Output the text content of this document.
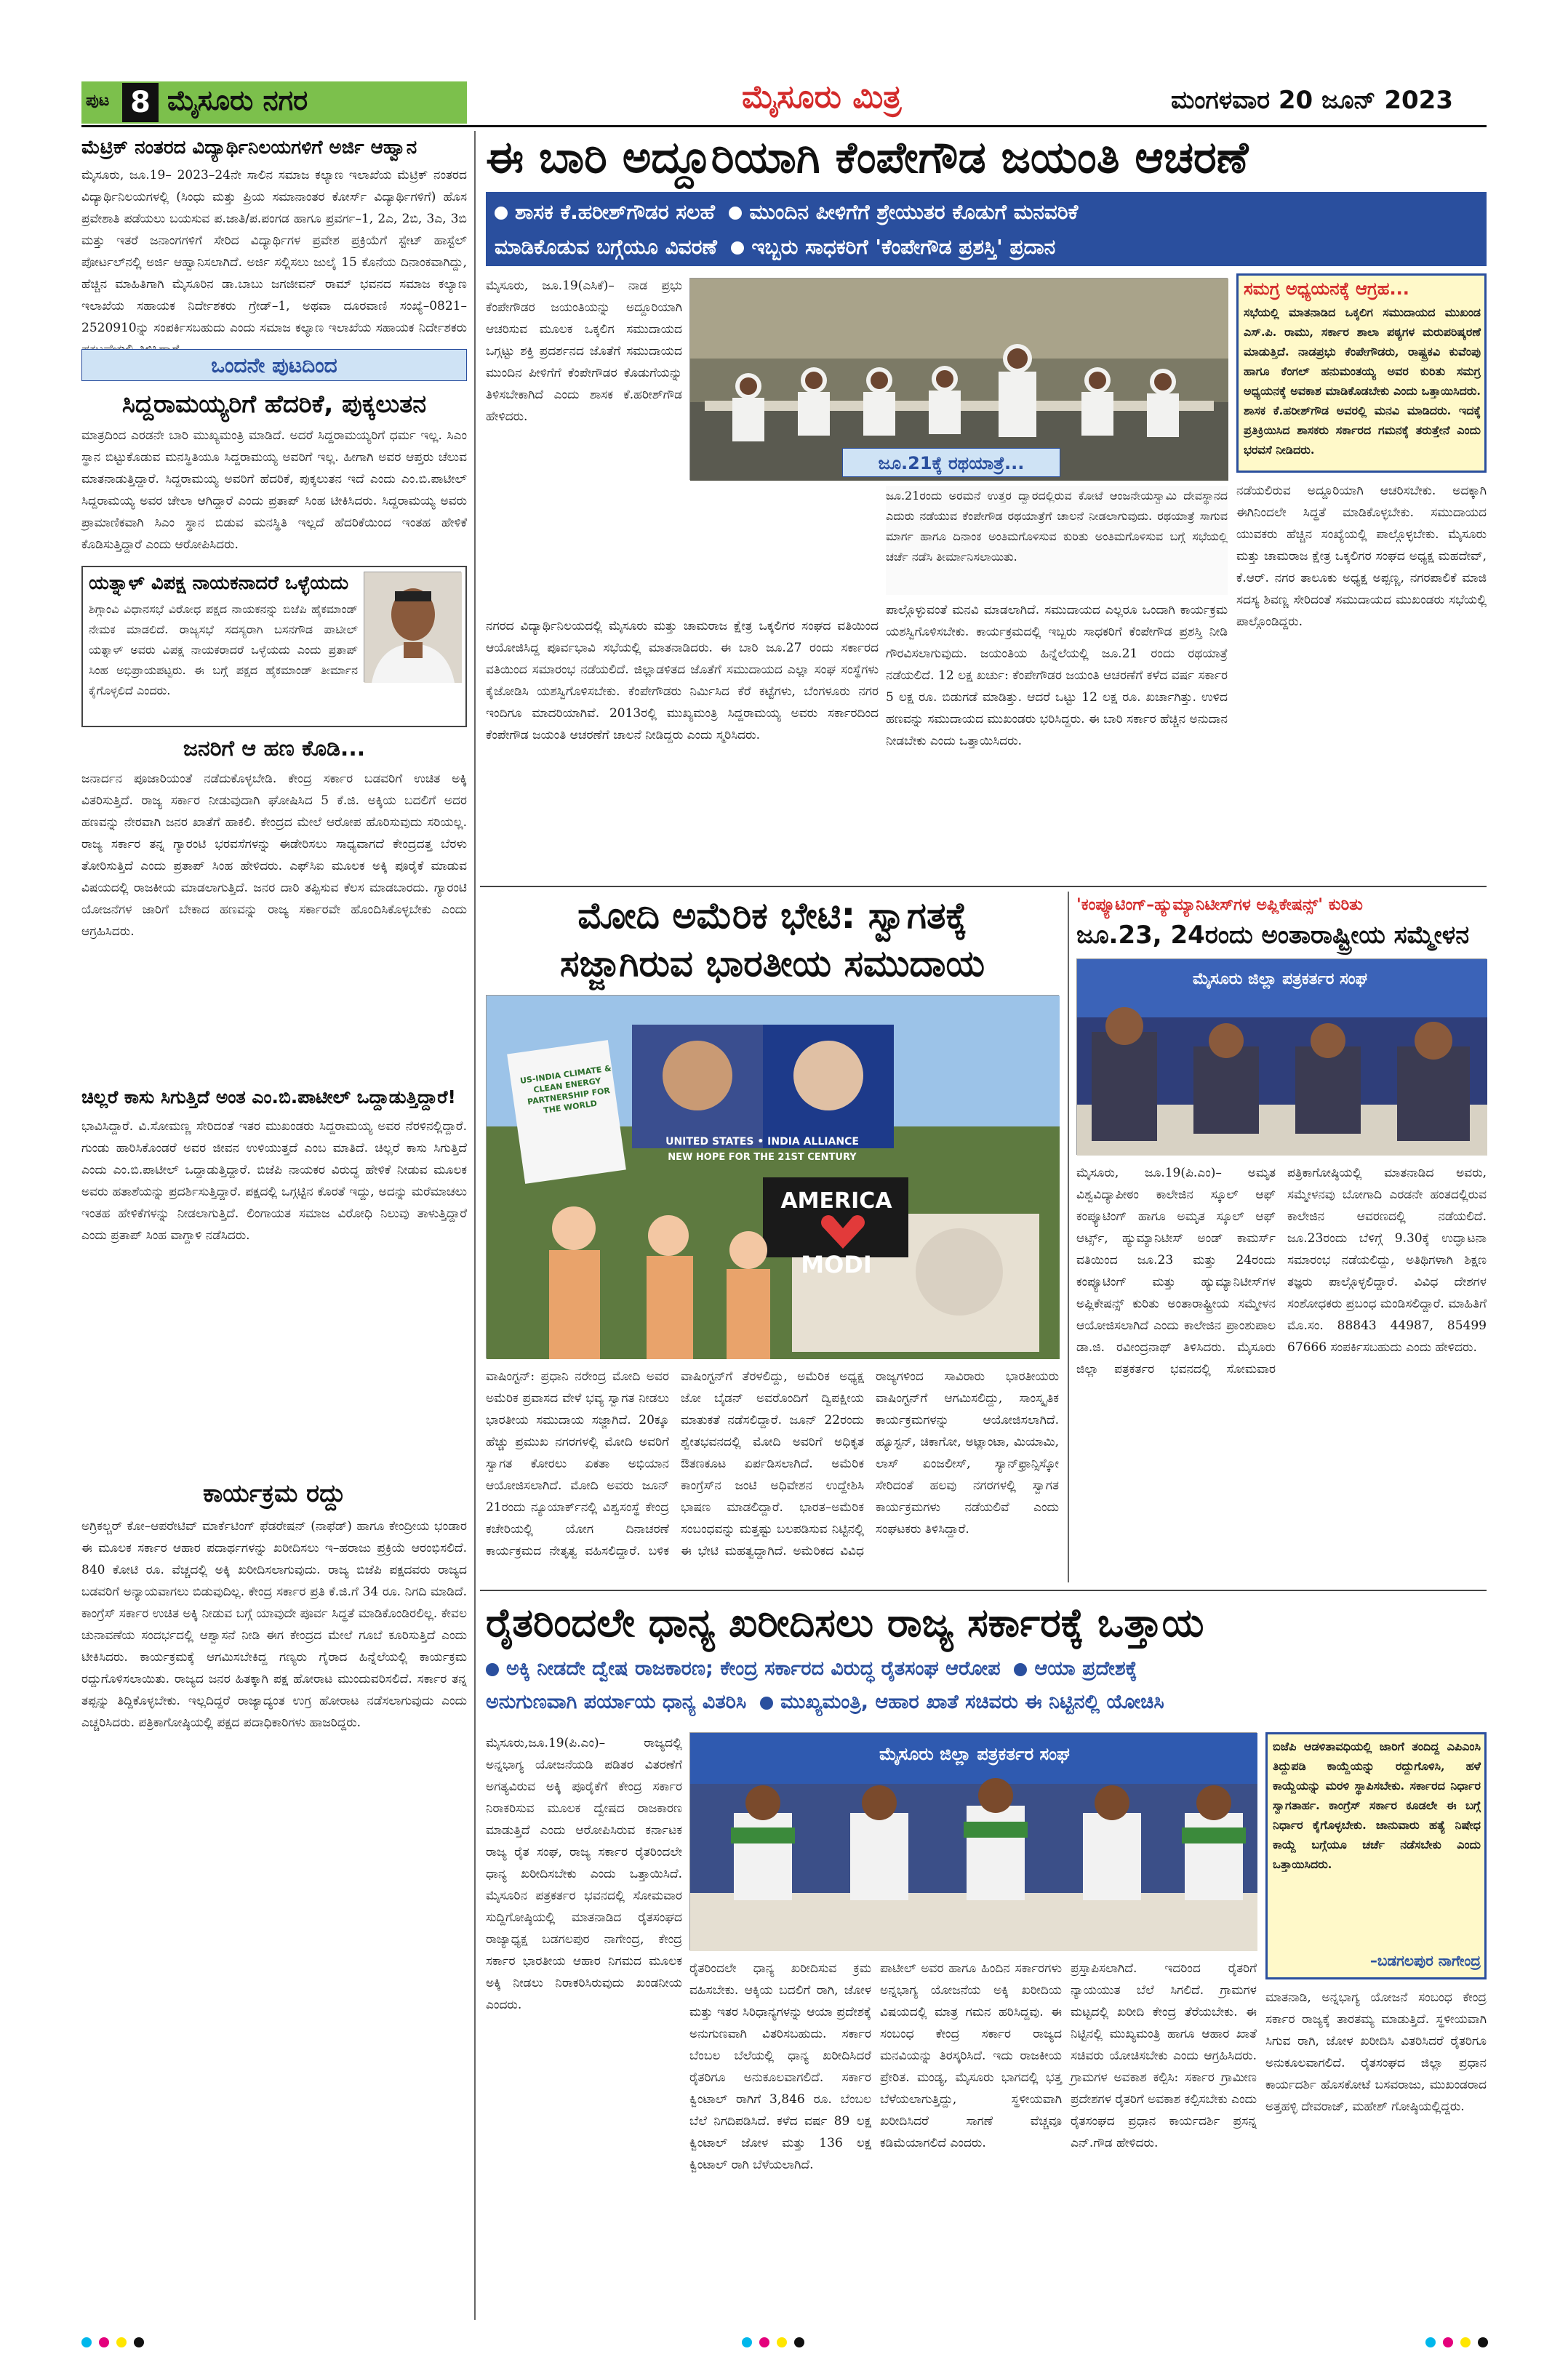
ಪುಟ 8 ಮೈಸೂರು ನಗರ	ಮೈಸೂರು ಮಿತ್ರ	ಮಂಗಳವಾರ 20 ಜೂನ್ 2023
ಮೆಟ್ರಿಕ್ ನಂತರದ ವಿದ್ಯಾರ್ಥಿನಿಲಯಗಳಿಗೆ ಅರ್ಜಿ ಆಹ್ವಾನ
ಮೈಸೂರು, ಜೂ.19– 2023–24ನೇ ಸಾಲಿನ ಸಮಾಜ ಕಲ್ಯಾಣ ಇಲಾಖೆಯ ಮೆಟ್ರಿಕ್ ನಂತರದ ವಿದ್ಯಾರ್ಥಿನಿಲಯಗಳಲ್ಲಿ (ಸಿಂಧು ಮತ್ತು ಪ್ರಿಯ ಸಮಾನಾಂತರ ಕೋರ್ಸ್ ವಿದ್ಯಾರ್ಥಿಗಳಿಗೆ) ಹೊಸ ಪ್ರವೇಶಾತಿ ಪಡೆಯಲು ಬಯಸುವ ಪ.ಜಾತಿ/ಪ.ಪಂಗಡ ಹಾಗೂ ಪ್ರವರ್ಗ–1, 2ಎ, 2ಬಿ, 3ಎ, 3ಬಿ ಮತ್ತು ಇತರೆ ಜನಾಂಗಗಳಿಗೆ ಸೇರಿದ ವಿದ್ಯಾರ್ಥಿಗಳ ಪ್ರವೇಶ ಪ್ರಕ್ರಿಯೆಗೆ ಸ್ಟೇಟ್ ಹಾಸ್ಟೆಲ್ ಪೋರ್ಟಲ್‌ನಲ್ಲಿ ಅರ್ಜಿ ಆಹ್ವಾನಿಸಲಾಗಿದೆ. ಅರ್ಜಿ ಸಲ್ಲಿಸಲು ಜುಲೈ 15 ಕೊನೆಯ ದಿನಾಂಕವಾಗಿದ್ದು, ಹೆಚ್ಚಿನ ಮಾಹಿತಿಗಾಗಿ ಮೈಸೂರಿನ ಡಾ.ಬಾಬು ಜಗಜೀವನ್ ರಾಮ್ ಭವನದ ಸಮಾಜ ಕಲ್ಯಾಣ ಇಲಾಖೆಯ ಸಹಾಯಕ ನಿರ್ದೇಶಕರು ಗ್ರೇಡ್–1, ಅಥವಾ ದೂರವಾಣಿ ಸಂಖ್ಯೆ–0821–2520910ನ್ನು ಸಂಪರ್ಕಿಸಬಹುದು ಎಂದು ಸಮಾಜ ಕಲ್ಯಾಣ ಇಲಾಖೆಯ ಸಹಾಯಕ ನಿರ್ದೇಶಕರು
ಒಂದನೇ ಪುಟದಿಂದ
ಸಿದ್ದರಾಮಯ್ಯರಿಗೆ ಹೆದರಿಕೆ, ಪುಕ್ಕಲುತನ
ಮಾತ್ರದಿಂದ ಎರಡನೇ ಬಾರಿ ಮುಖ್ಯಮಂತ್ರಿ ಮಾಡಿದೆ. ಅದರೆ ಸಿದ್ದರಾಮಯ್ಯರಿಗೆ ಧರ್ಮ ಇಲ್ಲ. ಸಿಎಂ ಸ್ಥಾನ ಬಿಟ್ಟುಕೊಡುವ ಮನಸ್ಥಿತಿಯೂ ಸಿದ್ದರಾಮಯ್ಯ ಅವರಿಗೆ ಇಲ್ಲ. ಹೀಗಾಗಿ ಅವರ ಆಪ್ತರು ಚೆಲುವ ಮಾತನಾಡುತ್ತಿದ್ದಾರೆ. ಸಿದ್ದರಾಮಯ್ಯ ಅವರಿಗೆ ಹೆದರಿಕೆ, ಪುಕ್ಕಲುತನ ಇದೆ ಎಂದು ಎಂ.ಬಿ.ಪಾಟೀಲ್ ಸಿದ್ದರಾಮಯ್ಯ ಅವರ ಚೇಲಾ ಆಗಿದ್ದಾರೆ ಎಂದು ಪ್ರತಾಪ್ ಸಿಂಹ ಟೀಕಿಸಿದರು. ಸಿದ್ದರಾಮಯ್ಯ ಅವರು ಪ್ರಾಮಾಣಿಕವಾಗಿ ಸಿಎಂ ಸ್ಥಾನ ಬಿಡುವ ಮನಸ್ಥಿತಿ ಇಲ್ಲದೆ ಹೆದರಿಕೆಯಿಂದ ಇಂತಹ ಹೇಳಿಕೆ ಕೊಡಿಸುತ್ತಿದ್ದಾರೆ ಎಂದು ಆರೋಪಿಸಿದರು.
ಯತ್ನಾಳ್ ವಿಪಕ್ಷ ನಾಯಕನಾದರೆ ಒಳ್ಳೆಯದು
ಶಿಗ್ಗಾಂವಿ ವಿಧಾನಸಭೆ ವಿರೋಧ ಪಕ್ಷದ ನಾಯಕನನ್ನು ಬಿಜೆಪಿ ಹೈಕಮಾಂಡ್ ನೇಮಕ ಮಾಡಲಿದೆ. ರಾಜ್ಯಸಭೆ ಸದಸ್ಯರಾಗಿ ಬಸನಗೌಡ ಪಾಟೀಲ್ ಯತ್ನಾಳ್ ಅವರು ವಿಪಕ್ಷ ನಾಯಕರಾದರೆ ಒಳ್ಳೆಯದು ಎಂದು ಪ್ರತಾಪ್ ಸಿಂಹ ಅಭಿಪ್ರಾಯಪಟ್ಟರು. ಈ ಬಗ್ಗೆ ಪಕ್ಷದ ಹೈಕಮಾಂಡ್ ತೀರ್ಮಾನ ಕೈಗೊಳ್ಳಲಿದೆ ಎಂದರು.
ಜನರಿಗೆ ಆ ಹಣ ಕೊಡಿ...
ಜನಾರ್ದನ ಪೂಜಾರಿಯಂತೆ ನಡೆದುಕೊಳ್ಳಬೇಡಿ. ಕೇಂದ್ರ ಸರ್ಕಾರ ಬಡವರಿಗೆ ಉಚಿತ ಅಕ್ಕಿ ವಿತರಿಸುತ್ತಿದೆ. ರಾಜ್ಯ ಸರ್ಕಾರ ನೀಡುವುದಾಗಿ ಘೋಷಿಸಿದ 5 ಕೆ.ಜಿ. ಅಕ್ಕಿಯ ಬದಲಿಗೆ ಅದರ ಹಣವನ್ನು ನೇರವಾಗಿ ಜನರ ಖಾತೆಗೆ ಹಾಕಲಿ. ಕೇಂದ್ರದ ಮೇಲೆ ಆರೋಪ ಹೊರಿಸುವುದು ಸರಿಯಲ್ಲ. ರಾಜ್ಯ ಸರ್ಕಾರ ತನ್ನ ಗ್ಯಾರಂಟಿ ಭರವಸೆಗಳನ್ನು ಈಡೇರಿಸಲು ಸಾಧ್ಯವಾಗದೆ ಕೇಂದ್ರದತ್ತ ಬೆರಳು ತೋರಿಸುತ್ತಿದೆ ಎಂದು ಪ್ರತಾಪ್ ಸಿಂಹ ಹೇಳಿದರು. ಎಫ್‌ಸಿಐ ಮೂಲಕ ಅಕ್ಕಿ ಪೂರೈಕೆ ಮಾಡುವ ವಿಷಯದಲ್ಲಿ ರಾಜಕೀಯ ಮಾಡಲಾಗುತ್ತಿದೆ. ಜನರ ದಾರಿ ತಪ್ಪಿಸುವ ಕೆಲಸ ಮಾಡಬಾರದು. ಗ್ಯಾರಂಟಿ ಯೋಜನೆಗಳ ಜಾರಿಗೆ ಬೇಕಾದ ಹಣವನ್ನು ರಾಜ್ಯ ಸರ್ಕಾರವೇ ಹೊಂದಿಸಿಕೊಳ್ಳಬೇಕು ಎಂದು ಆಗ್ರಹಿಸಿದರು.
ಚಿಲ್ಲರೆ ಕಾಸು ಸಿಗುತ್ತಿದೆ ಅಂತ ಎಂ.ಬಿ.ಪಾಟೀಲ್ ಒದ್ದಾಡುತ್ತಿದ್ದಾರೆ!
ಭಾವಿಸಿದ್ದಾರೆ. ವಿ.ಸೋಮಣ್ಣ ಸೇರಿದಂತೆ ಇತರ ಮುಖಂಡರು ಸಿದ್ದರಾಮಯ್ಯ ಅವರ ನೆರಳಿನಲ್ಲಿದ್ದಾರೆ. ಗುಂಡು ಹಾರಿಸಿಕೊಂಡರೆ ಅವರ ಜೀವನ ಉಳಿಯುತ್ತದೆ ಎಂಬ ಮಾತಿದೆ. ಚಿಲ್ಲರೆ ಕಾಸು ಸಿಗುತ್ತಿದೆ ಎಂದು ಎಂ.ಬಿ.ಪಾಟೀಲ್ ಒದ್ದಾಡುತ್ತಿದ್ದಾರೆ. ಬಿಜೆಪಿ ನಾಯಕರ ವಿರುದ್ಧ ಹೇಳಿಕೆ ನೀಡುವ ಮೂಲಕ ಅವರು ಹತಾಶೆಯನ್ನು ಪ್ರದರ್ಶಿಸುತ್ತಿದ್ದಾರೆ. ಪಕ್ಷದಲ್ಲಿ ಒಗ್ಗಟ್ಟಿನ ಕೊರತೆ ಇದ್ದು, ಅದನ್ನು ಮರೆಮಾಚಲು ಇಂತಹ ಹೇಳಿಕೆಗಳನ್ನು ನೀಡಲಾಗುತ್ತಿದೆ. ಲಿಂಗಾಯತ ಸಮಾಜ ವಿರೋಧಿ ನಿಲುವು ತಾಳುತ್ತಿದ್ದಾರೆ ಎಂದು ಪ್ರತಾಪ್ ಸಿಂಹ ವಾಗ್ದಾಳಿ ನಡೆಸಿದರು.
ಕಾರ್ಯಕ್ರಮ ರದ್ದು
ಅಗ್ರಿಕಲ್ಚರ್ ಕೋ–ಆಪರೇಟಿವ್ ಮಾರ್ಕೆಟಿಂಗ್ ಫೆಡರೇಷನ್ (ನಾಫೆಡ್) ಹಾಗೂ ಕೇಂದ್ರೀಯ ಭಂಡಾರ ಈ ಮೂಲಕ ಸರ್ಕಾರ ಆಹಾರ ಪದಾರ್ಥಗಳನ್ನು ಖರೀದಿಸಲು ಇ–ಹರಾಜು ಪ್ರಕ್ರಿಯೆ ಆರಂಭಿಸಲಿದೆ. 840 ಕೋಟಿ ರೂ. ವೆಚ್ಚದಲ್ಲಿ ಅಕ್ಕಿ ಖರೀದಿಸಲಾಗುವುದು. ರಾಜ್ಯ ಬಿಜೆಪಿ ಪಕ್ಷದವರು ರಾಜ್ಯದ ಬಡವರಿಗೆ ಅನ್ಯಾಯವಾಗಲು ಬಿಡುವುದಿಲ್ಲ. ಕೇಂದ್ರ ಸರ್ಕಾರ ಪ್ರತಿ ಕೆ.ಜಿ.ಗೆ 34 ರೂ. ನಿಗದಿ ಮಾಡಿದೆ. ಕಾಂಗ್ರೆಸ್ ಸರ್ಕಾರ ಉಚಿತ ಅಕ್ಕಿ ನೀಡುವ ಬಗ್ಗೆ ಯಾವುದೇ ಪೂರ್ವ ಸಿದ್ಧತೆ ಮಾಡಿಕೊಂಡಿರಲಿಲ್ಲ. ಕೇವಲ ಚುನಾವಣೆಯ ಸಂದರ್ಭದಲ್ಲಿ ಆಶ್ವಾಸನೆ ನೀಡಿ ಈಗ ಕೇಂದ್ರದ ಮೇಲೆ ಗೂಬೆ ಕೂರಿಸುತ್ತಿದೆ ಎಂದು ಟೀಕಿಸಿದರು. ಕಾರ್ಯಕ್ರಮಕ್ಕೆ ಆಗಮಿಸಬೇಕಿದ್ದ ಗಣ್ಯರು ಗೈರಾದ ಹಿನ್ನೆಲೆಯಲ್ಲಿ ಕಾರ್ಯಕ್ರಮ ರದ್ದುಗೊಳಿಸಲಾಯಿತು. ರಾಜ್ಯದ ಜನರ ಹಿತಕ್ಕಾಗಿ ಪಕ್ಷ ಹೋರಾಟ ಮುಂದುವರಿಸಲಿದೆ. ಸರ್ಕಾರ ತನ್ನ ತಪ್ಪನ್ನು ತಿದ್ದಿಕೊಳ್ಳಬೇಕು. ಇಲ್ಲದಿದ್ದರೆ ರಾಜ್ಯಾದ್ಯಂತ ಉಗ್ರ ಹೋರಾಟ ನಡೆಸಲಾಗುವುದು ಎಂದು ಎಚ್ಚರಿಸಿದರು. ಪತ್ರಿಕಾಗೋಷ್ಠಿಯಲ್ಲಿ ಪಕ್ಷದ ಪದಾಧಿಕಾರಿಗಳು ಹಾಜರಿದ್ದರು.
ಈ ಬಾರಿ ಅದ್ದೂರಿಯಾಗಿ ಕೆಂಪೇಗೌಡ ಜಯಂತಿ ಆಚರಣೆ
ಶಾಸಕ ಕೆ.ಹರೀಶ್‌ಗೌಡರ ಸಲಹೆ ಮುಂದಿನ ಪೀಳಿಗೆಗೆ ಶ್ರೇಯುತರ ಕೊಡುಗೆ ಮನವರಿಕೆ
ಮಾಡಿಕೊಡುವ ಬಗ್ಗೆಯೂ ವಿವರಣೆ ಇಬ್ಬರು ಸಾಧಕರಿಗೆ 'ಕೆಂಪೇಗೌಡ ಪ್ರಶಸ್ತಿ' ಪ್ರದಾನ
ಮೈಸೂರು, ಜೂ.19(ಎಸಿಕೆ)– ನಾಡ ಪ್ರಭು ಕೆಂಪೇಗೌಡರ ಜಯಂತಿಯನ್ನು ಅದ್ದೂರಿಯಾಗಿ ಆಚರಿಸುವ ಮೂಲಕ ಒಕ್ಕಲಿಗ ಸಮುದಾಯದ ಒಗ್ಗಟ್ಟು ಶಕ್ತಿ ಪ್ರದರ್ಶನದ ಜೊತೆಗೆ ಸಮುದಾಯದ ಮುಂದಿನ ಪೀಳಿಗೆಗೆ ಕೆಂಪೇಗೌಡರ ಕೊಡುಗೆಯನ್ನು ತಿಳಿಸಬೇಕಾಗಿದೆ ಎಂದು ಶಾಸಕ ಕೆ.ಹರೀಶ್‌ಗೌಡ ಹೇಳಿದರು.
ಜೂ.21ಕ್ಕೆ ರಥಯಾತ್ರೆ...
ನಗರದ ವಿದ್ಯಾರ್ಥಿನಿಲಯದಲ್ಲಿ ಮೈಸೂರು ಮತ್ತು ಚಾಮರಾಜ ಕ್ಷೇತ್ರ ಒಕ್ಕಲಿಗರ ಸಂಘದ ವತಿಯಿಂದ ಆಯೋಜಿಸಿದ್ದ ಪೂರ್ವಭಾವಿ ಸಭೆಯಲ್ಲಿ ಮಾತನಾಡಿದರು. ಈ ಬಾರಿ ಜೂ.27 ರಂದು ಸರ್ಕಾರದ ವತಿಯಿಂದ ಸಮಾರಂಭ ನಡೆಯಲಿದೆ. ಜಿಲ್ಲಾಡಳಿತದ ಜೊತೆಗೆ ಸಮುದಾಯದ ಎಲ್ಲಾ ಸಂಘ ಸಂಸ್ಥೆಗಳು ಕೈಜೋಡಿಸಿ ಯಶಸ್ವಿಗೊಳಿಸಬೇಕು. ಕೆಂಪೇಗೌಡರು ನಿರ್ಮಿಸಿದ ಕೆರೆ ಕಟ್ಟೆಗಳು, ಬೆಂಗಳೂರು ನಗರ ಇಂದಿಗೂ ಮಾದರಿಯಾಗಿವೆ. 2013ರಲ್ಲಿ ಮುಖ್ಯಮಂತ್ರಿ ಸಿದ್ದರಾಮಯ್ಯ ಅವರು ಸರ್ಕಾರದಿಂದ ಕೆಂಪೇಗೌಡ ಜಯಂತಿ ಆಚರಣೆಗೆ ಚಾಲನೆ ನೀಡಿದ್ದರು ಎಂದು ಸ್ಮರಿಸಿದರು.
ಜೂ.21ರಂದು ಅರಮನೆ ಉತ್ತರ ದ್ವಾರದಲ್ಲಿರುವ ಕೋಟೆ ಆಂಜನೇಯಸ್ವಾಮಿ ದೇವಸ್ಥಾನದ ಎದುರು ನಡೆಯುವ ಕೆಂಪೇಗೌಡ ರಥಯಾತ್ರೆಗೆ ಚಾಲನೆ ನೀಡಲಾಗುವುದು. ರಥಯಾತ್ರೆ ಸಾಗುವ ಮಾರ್ಗ ಹಾಗೂ ದಿನಾಂಕ ಅಂತಿಮಗೊಳಿಸುವ ಕುರಿತು ಅಂತಿಮಗೊಳಿಸುವ ಬಗ್ಗೆ ಸಭೆಯಲ್ಲಿ ಚರ್ಚೆ ನಡೆಸಿ ತೀರ್ಮಾನಿಸಲಾಯಿತು.
ಪಾಲ್ಗೊಳ್ಳುವಂತೆ ಮನವಿ ಮಾಡಲಾಗಿದೆ. ಸಮುದಾಯದ ಎಲ್ಲರೂ ಒಂದಾಗಿ ಕಾರ್ಯಕ್ರಮ ಯಶಸ್ವಿಗೊಳಿಸಬೇಕು. ಕಾರ್ಯಕ್ರಮದಲ್ಲಿ ಇಬ್ಬರು ಸಾಧಕರಿಗೆ ಕೆಂಪೇಗೌಡ ಪ್ರಶಸ್ತಿ ನೀಡಿ ಗೌರವಿಸಲಾಗುವುದು. ಜಯಂತಿಯ ಹಿನ್ನೆಲೆಯಲ್ಲಿ ಜೂ.21 ರಂದು ರಥಯಾತ್ರೆ ನಡೆಯಲಿದೆ. 12 ಲಕ್ಷ ಖರ್ಚು: ಕೆಂಪೇಗೌಡರ ಜಯಂತಿ ಆಚರಣೆಗೆ ಕಳೆದ ವರ್ಷ ಸರ್ಕಾರ 5 ಲಕ್ಷ ರೂ. ಬಿಡುಗಡೆ ಮಾಡಿತ್ತು. ಆದರೆ ಒಟ್ಟು 12 ಲಕ್ಷ ರೂ. ಖರ್ಚಾಗಿತ್ತು. ಉಳಿದ ಹಣವನ್ನು ಸಮುದಾಯದ ಮುಖಂಡರು ಭರಿಸಿದ್ದರು. ಈ ಬಾರಿ ಸರ್ಕಾರ ಹೆಚ್ಚಿನ ಅನುದಾನ ನೀಡಬೇಕು ಎಂದು ಒತ್ತಾಯಿಸಿದರು.
ಸಮಗ್ರ ಅಧ್ಯಯನಕ್ಕೆ ಆಗ್ರಹ...
ಸಭೆಯಲ್ಲಿ ಮಾತನಾಡಿದ ಒಕ್ಕಲಿಗ ಸಮುದಾಯದ ಮುಖಂಡ ಎಸ್‌.ಪಿ. ರಾಮು, ಸರ್ಕಾರ ಶಾಲಾ ಪಠ್ಯಗಳ ಮರುಪರಿಷ್ಕರಣೆ ಮಾಡುತ್ತಿದೆ. ನಾಡಪ್ರಭು ಕೆಂಪೇಗೌಡರು, ರಾಷ್ಟ್ರಕವಿ ಕುವೆಂಪು ಹಾಗೂ ಕೆಂಗಲ್ ಹನುಮಂತಯ್ಯ ಅವರ ಕುರಿತು ಸಮಗ್ರ ಅಧ್ಯಯನಕ್ಕೆ ಅವಕಾಶ ಮಾಡಿಕೊಡಬೇಕು ಎಂದು ಒತ್ತಾಯಿಸಿದರು. ಶಾಸಕ ಕೆ.ಹರೀಶ್‌ಗೌಡ ಅವರಲ್ಲಿ ಮನವಿ ಮಾಡಿದರು. ಇದಕ್ಕೆ ಪ್ರತಿಕ್ರಿಯಿಸಿದ ಶಾಸಕರು ಸರ್ಕಾರದ ಗಮನಕ್ಕೆ ತರುತ್ತೇನೆ ಎಂದು ಭರವಸೆ ನೀಡಿದರು.
ನಡೆಯಲಿರುವ ಅದ್ದೂರಿಯಾಗಿ ಆಚರಿಸಬೇಕು. ಅದಕ್ಕಾಗಿ ಈಗಿನಿಂದಲೇ ಸಿದ್ಧತೆ ಮಾಡಿಕೊಳ್ಳಬೇಕು. ಸಮುದಾಯದ ಯುವಕರು ಹೆಚ್ಚಿನ ಸಂಖ್ಯೆಯಲ್ಲಿ ಪಾಲ್ಗೊಳ್ಳಬೇಕು. ಮೈಸೂರು ಮತ್ತು ಚಾಮರಾಜ ಕ್ಷೇತ್ರ ಒಕ್ಕಲಿಗರ ಸಂಘದ ಅಧ್ಯಕ್ಷ ಮಹದೇವ್, ಕೆ.ಆರ್. ನಗರ ತಾಲೂಕು ಅಧ್ಯಕ್ಷ ಅಪ್ಪಣ್ಣ, ನಗರಪಾಲಿಕೆ ಮಾಜಿ ಸದಸ್ಯ ಶಿವಣ್ಣ ಸೇರಿದಂತೆ ಸಮುದಾಯದ ಮುಖಂಡರು ಸಭೆಯಲ್ಲಿ ಪಾಲ್ಗೊಂಡಿದ್ದರು.
ಮೋದಿ ಅಮೆರಿಕ ಭೇಟಿ: ಸ್ವಾಗತಕ್ಕೆ
ಸಜ್ಜಾಗಿರುವ ಭಾರತೀಯ ಸಮುದಾಯ
UNITED STATES • INDIA ALLIANCE
NEW HOPE FOR THE 21ST CENTURY
US-INDIA CLIMATE & CLEAN ENERGY PARTNERSHIP FOR THE WORLD
AMERICA
MODI
ವಾಷಿಂಗ್ಟನ್: ಪ್ರಧಾನಿ ನರೇಂದ್ರ ಮೋದಿ ಅವರ ಅಮೆರಿಕ ಪ್ರವಾಸದ ವೇಳೆ ಭವ್ಯ ಸ್ವಾಗತ ನೀಡಲು ಭಾರತೀಯ ಸಮುದಾಯ ಸಜ್ಜಾಗಿದೆ. 20ಕ್ಕೂ ಹೆಚ್ಚು ಪ್ರಮುಖ ನಗರಗಳಲ್ಲಿ ಮೋದಿ ಅವರಿಗೆ ಸ್ವಾಗತ ಕೋರಲು ಏಕತಾ ಅಭಿಯಾನ ಆಯೋಜಿಸಲಾಗಿದೆ. ಮೋದಿ ಅವರು ಜೂನ್ 21ರಂದು ನ್ಯೂಯಾರ್ಕ್‌ನಲ್ಲಿ ವಿಶ್ವಸಂಸ್ಥೆ ಕೇಂದ್ರ ಕಚೇರಿಯಲ್ಲಿ ಯೋಗ ದಿನಾಚರಣೆ ಕಾರ್ಯಕ್ರಮದ ನೇತೃತ್ವ ವಹಿಸಲಿದ್ದಾರೆ. ಬಳಿಕ ವಾಷಿಂಗ್ಟನ್‌ಗೆ ತೆರಳಲಿದ್ದು, ಅಮೆರಿಕ ಅಧ್ಯಕ್ಷ ಜೋ ಬೈಡನ್ ಅವರೊಂದಿಗೆ ದ್ವಿಪಕ್ಷೀಯ ಮಾತುಕತೆ ನಡೆಸಲಿದ್ದಾರೆ. ಜೂನ್ 22ರಂದು ಶ್ವೇತಭವನದಲ್ಲಿ ಮೋದಿ ಅವರಿಗೆ ಅಧಿಕೃತ ಔತಣಕೂಟ ಏರ್ಪಡಿಸಲಾಗಿದೆ. ಅಮೆರಿಕ ಕಾಂಗ್ರೆಸ್‌ನ ಜಂಟಿ ಅಧಿವೇಶನ ಉದ್ದೇಶಿಸಿ ಭಾಷಣ ಮಾಡಲಿದ್ದಾರೆ. ಭಾರತ–ಅಮೆರಿಕ ಸಂಬಂಧವನ್ನು ಮತ್ತಷ್ಟು ಬಲಪಡಿಸುವ ನಿಟ್ಟಿನಲ್ಲಿ ಈ ಭೇಟಿ ಮಹತ್ವದ್ದಾಗಿದೆ. ಅಮೆರಿಕದ ವಿವಿಧ ರಾಜ್ಯಗಳಿಂದ ಸಾವಿರಾರು ಭಾರತೀಯರು ವಾಷಿಂಗ್ಟನ್‌ಗೆ ಆಗಮಿಸಲಿದ್ದು, ಸಾಂಸ್ಕೃತಿಕ ಕಾರ್ಯಕ್ರಮಗಳನ್ನು ಆಯೋಜಿಸಲಾಗಿದೆ. ಹ್ಯೂಸ್ಟನ್, ಚಿಕಾಗೋ, ಅಟ್ಲಾಂಟಾ, ಮಿಯಾಮಿ, ಲಾಸ್ ಏಂಜಲೀಸ್, ಸ್ಯಾನ್‌ಫ್ರಾನ್ಸಿಸ್ಕೋ ಸೇರಿದಂತೆ ಹಲವು ನಗರಗಳಲ್ಲಿ ಸ್ವಾಗತ ಕಾರ್ಯಕ್ರಮಗಳು ನಡೆಯಲಿವೆ ಎಂದು ಸಂಘಟಕರು ತಿಳಿಸಿದ್ದಾರೆ.
'ಕಂಪ್ಯೂಟಿಂಗ್–ಹ್ಯುಮ್ಯಾನಿಟೀಸ್‌ಗಳ ಅಪ್ಲಿಕೇಷನ್ಸ್' ಕುರಿತು
ಜೂ.23, 24ರಂದು ಅಂತಾರಾಷ್ಟ್ರೀಯ ಸಮ್ಮೇಳನ
ಮೈಸೂರು ಜಿಲ್ಲಾ ಪತ್ರಕರ್ತರ ಸಂಘ
ಮೈಸೂರು, ಜೂ.19(ಪಿ.ಎಂ)– ಅಮೃತ ವಿಶ್ವವಿದ್ಯಾಪೀಠಂ ಕಾಲೇಜಿನ ಸ್ಕೂಲ್ ಆಫ್ ಕಂಪ್ಯೂಟಿಂಗ್ ಹಾಗೂ ಅಮೃತ ಸ್ಕೂಲ್ ಆಫ್ ಆರ್ಟ್ಸ್, ಹ್ಯುಮ್ಯಾನಿಟೀಸ್ ಅಂಡ್ ಕಾಮರ್ಸ್ ವತಿಯಿಂದ ಜೂ.23 ಮತ್ತು 24ರಂದು ಕಂಪ್ಯೂಟಿಂಗ್ ಮತ್ತು ಹ್ಯುಮ್ಯಾನಿಟೀಸ್‌ಗಳ ಅಪ್ಲಿಕೇಷನ್ಸ್ ಕುರಿತು ಅಂತಾರಾಷ್ಟ್ರೀಯ ಸಮ್ಮೇಳನ ಆಯೋಜಿಸಲಾಗಿದೆ ಎಂದು ಕಾಲೇಜಿನ ಪ್ರಾಂಶುಪಾಲ ಡಾ.ಜಿ. ರವೀಂದ್ರನಾಥ್ ತಿಳಿಸಿದರು. ಮೈಸೂರು ಜಿಲ್ಲಾ ಪತ್ರಕರ್ತರ ಭವನದಲ್ಲಿ ಸೋಮವಾರ ಪತ್ರಿಕಾಗೋಷ್ಠಿಯಲ್ಲಿ ಮಾತನಾಡಿದ ಅವರು, ಸಮ್ಮೇಳನವು ಬೋಗಾದಿ ಎರಡನೇ ಹಂತದಲ್ಲಿರುವ ಕಾಲೇಜಿನ ಆವರಣದಲ್ಲಿ ನಡೆಯಲಿದೆ. ಜೂ.23ರಂದು ಬೆಳಿಗ್ಗೆ 9.30ಕ್ಕೆ ಉದ್ಘಾಟನಾ ಸಮಾರಂಭ ನಡೆಯಲಿದ್ದು, ಅತಿಥಿಗಳಾಗಿ ಶಿಕ್ಷಣ ತಜ್ಞರು ಪಾಲ್ಗೊಳ್ಳಲಿದ್ದಾರೆ. ವಿವಿಧ ದೇಶಗಳ ಸಂಶೋಧಕರು ಪ್ರಬಂಧ ಮಂಡಿಸಲಿದ್ದಾರೆ. ಮಾಹಿತಿಗೆ ಮೊ.ಸಂ. 88843 44987, 85499 67666 ಸಂಪರ್ಕಿಸಬಹುದು ಎಂದು ಹೇಳಿದರು.
ರೈತರಿಂದಲೇ ಧಾನ್ಯ ಖರೀದಿಸಲು ರಾಜ್ಯ ಸರ್ಕಾರಕ್ಕೆ ಒತ್ತಾಯ
ಅಕ್ಕಿ ನೀಡದೇ ದ್ವೇಷ ರಾಜಕಾರಣ; ಕೇಂದ್ರ ಸರ್ಕಾರದ ವಿರುದ್ಧ ರೈತಸಂಘ ಆರೋಪ ಆಯಾ ಪ್ರದೇಶಕ್ಕೆ
ಅನುಗುಣವಾಗಿ ಪರ್ಯಾಯ ಧಾನ್ಯ ವಿತರಿಸಿ ಮುಖ್ಯಮಂತ್ರಿ, ಆಹಾರ ಖಾತೆ ಸಚಿವರು ಈ ನಿಟ್ಟಿನಲ್ಲಿ ಯೋಚಿಸಿ
ಮೈಸೂರು,ಜೂ.19(ಪಿ.ಎಂ)– ರಾಜ್ಯದಲ್ಲಿ ಅನ್ನಭಾಗ್ಯ ಯೋಜನೆಯಡಿ ಪಡಿತರ ವಿತರಣೆಗೆ ಅಗತ್ಯವಿರುವ ಅಕ್ಕಿ ಪೂರೈಕೆಗೆ ಕೇಂದ್ರ ಸರ್ಕಾರ ನಿರಾಕರಿಸುವ ಮೂಲಕ ದ್ವೇಷದ ರಾಜಕಾರಣ ಮಾಡುತ್ತಿದೆ ಎಂದು ಆರೋಪಿಸಿರುವ ಕರ್ನಾಟಕ ರಾಜ್ಯ ರೈತ ಸಂಘ, ರಾಜ್ಯ ಸರ್ಕಾರ ರೈತರಿಂದಲೇ ಧಾನ್ಯ ಖರೀದಿಸಬೇಕು ಎಂದು ಒತ್ತಾಯಿಸಿದೆ. ಮೈಸೂರಿನ ಪತ್ರಕರ್ತರ ಭವನದಲ್ಲಿ ಸೋಮವಾರ ಸುದ್ದಿಗೋಷ್ಠಿಯಲ್ಲಿ ಮಾತನಾಡಿದ ರೈತಸಂಘದ ರಾಜ್ಯಾಧ್ಯಕ್ಷ ಬಡಗಲಪುರ ನಾಗೇಂದ್ರ, ಕೇಂದ್ರ ಸರ್ಕಾರ ಭಾರತೀಯ ಆಹಾರ ನಿಗಮದ ಮೂಲಕ ಅಕ್ಕಿ ನೀಡಲು ನಿರಾಕರಿಸಿರುವುದು ಖಂಡನೀಯ ಎಂದರು.
ಮೈಸೂರು ಜಿಲ್ಲಾ ಪತ್ರಕರ್ತರ ಸಂಘ
ರೈತರಿಂದಲೇ ಧಾನ್ಯ ಖರೀದಿಸುವ ಕ್ರಮ ವಹಿಸಬೇಕು. ಆಕ್ಕಿಯ ಬದಲಿಗೆ ರಾಗಿ, ಜೋಳ ಮತ್ತು ಇತರ ಸಿರಿಧಾನ್ಯಗಳನ್ನು ಆಯಾ ಪ್ರದೇಶಕ್ಕೆ ಅನುಗುಣವಾಗಿ ವಿತರಿಸಬಹುದು. ಸರ್ಕಾರ ಬೆಂಬಲ ಬೆಲೆಯಲ್ಲಿ ಧಾನ್ಯ ಖರೀದಿಸಿದರೆ ರೈತರಿಗೂ ಅನುಕೂಲವಾಗಲಿದೆ. ಸರ್ಕಾರ ಕ್ವಿಂಟಾಲ್ ರಾಗಿಗೆ 3,846 ರೂ. ಬೆಂಬಲ ಬೆಲೆ ನಿಗದಿಪಡಿಸಿದೆ. ಕಳೆದ ವರ್ಷ 89 ಲಕ್ಷ ಕ್ವಿಂಟಾಲ್ ಜೋಳ ಮತ್ತು 136 ಲಕ್ಷ ಕ್ವಿಂಟಾಲ್ ರಾಗಿ ಬೆಳೆಯಲಾಗಿದೆ.
ಪಾಟೀಲ್ ಅವರ ಹಾಗೂ ಹಿಂದಿನ ಸರ್ಕಾರಗಳು ಅನ್ನಭಾಗ್ಯ ಯೋಜನೆಯ ಅಕ್ಕಿ ಖರೀದಿಯ ವಿಷಯದಲ್ಲಿ ಮಾತ್ರ ಗಮನ ಹರಿಸಿದ್ದವು. ಈ ಸಂಬಂಧ ಕೇಂದ್ರ ಸರ್ಕಾರ ರಾಜ್ಯದ ಮನವಿಯನ್ನು ತಿರಸ್ಕರಿಸಿದೆ. ಇದು ರಾಜಕೀಯ ಪ್ರೇರಿತ. ಮಂಡ್ಯ, ಮೈಸೂರು ಭಾಗದಲ್ಲಿ ಭತ್ತ ಬೆಳೆಯಲಾಗುತ್ತಿದ್ದು, ಸ್ಥಳೀಯವಾಗಿ ಖರೀದಿಸಿದರೆ ಸಾಗಣೆ ವೆಚ್ಚವೂ ಕಡಿಮೆಯಾಗಲಿದೆ ಎಂದರು.
ಪ್ರಸ್ತಾಪಿಸಲಾಗಿದೆ. ಇದರಿಂದ ರೈತರಿಗೆ ನ್ಯಾಯಯುತ ಬೆಲೆ ಸಿಗಲಿದೆ. ಗ್ರಾಮಗಳ ಮಟ್ಟದಲ್ಲಿ ಖರೀದಿ ಕೇಂದ್ರ ತೆರೆಯಬೇಕು. ಈ ನಿಟ್ಟಿನಲ್ಲಿ ಮುಖ್ಯಮಂತ್ರಿ ಹಾಗೂ ಆಹಾರ ಖಾತೆ ಸಚಿವರು ಯೋಚಿಸಬೇಕು ಎಂದು ಆಗ್ರಹಿಸಿದರು. ಗ್ರಾಮಗಳ ಅವಕಾಶ ಕಲ್ಪಿಸಿ: ಸರ್ಕಾರ ಗ್ರಾಮೀಣ ಪ್ರದೇಶಗಳ ರೈತರಿಗೆ ಅವಕಾಶ ಕಲ್ಪಿಸಬೇಕು ಎಂದು ರೈತಸಂಘದ ಪ್ರಧಾನ ಕಾರ್ಯದರ್ಶಿ ಪ್ರಸನ್ನ ಎನ್.ಗೌಡ ಹೇಳಿದರು.
ಬಿಜೆಪಿ ಆಡಳಿತಾವಧಿಯಲ್ಲಿ ಜಾರಿಗೆ ತಂದಿದ್ದ ಎಪಿಎಂಸಿ ತಿದ್ದುಪಡಿ ಕಾಯ್ದೆಯನ್ನು ರದ್ದುಗೊಳಿಸಿ, ಹಳೆ ಕಾಯ್ದೆಯನ್ನು ಮರಳಿ ಸ್ಥಾಪಿಸಬೇಕು. ಸರ್ಕಾರದ ನಿರ್ಧಾರ ಸ್ವಾಗತಾರ್ಹ. ಕಾಂಗ್ರೆಸ್ ಸರ್ಕಾರ ಕೂಡಲೇ ಈ ಬಗ್ಗೆ ನಿರ್ಧಾರ ಕೈಗೊಳ್ಳಬೇಕು. ಜಾನುವಾರು ಹತ್ಯೆ ನಿಷೇಧ ಕಾಯ್ದೆ ಬಗ್ಗೆಯೂ ಚರ್ಚೆ ನಡೆಸಬೇಕು ಎಂದು ಒತ್ತಾಯಿಸಿದರು.
–ಬಡಗಲಪುರ ನಾಗೇಂದ್ರ
ಮಾತನಾಡಿ, ಅನ್ನಭಾಗ್ಯ ಯೋಜನೆ ಸಂಬಂಧ ಕೇಂದ್ರ ಸರ್ಕಾರ ರಾಜ್ಯಕ್ಕೆ ತಾರತಮ್ಯ ಮಾಡುತ್ತಿದೆ. ಸ್ಥಳೀಯವಾಗಿ ಸಿಗುವ ರಾಗಿ, ಜೋಳ ಖರೀದಿಸಿ ವಿತರಿಸಿದರೆ ರೈತರಿಗೂ ಅನುಕೂಲವಾಗಲಿದೆ. ರೈತಸಂಘದ ಜಿಲ್ಲಾ ಪ್ರಧಾನ ಕಾರ್ಯದರ್ಶಿ ಹೊಸಕೋಟೆ ಬಸವರಾಜು, ಮುಖಂಡರಾದ ಅತ್ತಹಳ್ಳಿ ದೇವರಾಜ್, ಮಹೇಶ್ ಗೋಷ್ಠಿಯಲ್ಲಿದ್ದರು.
